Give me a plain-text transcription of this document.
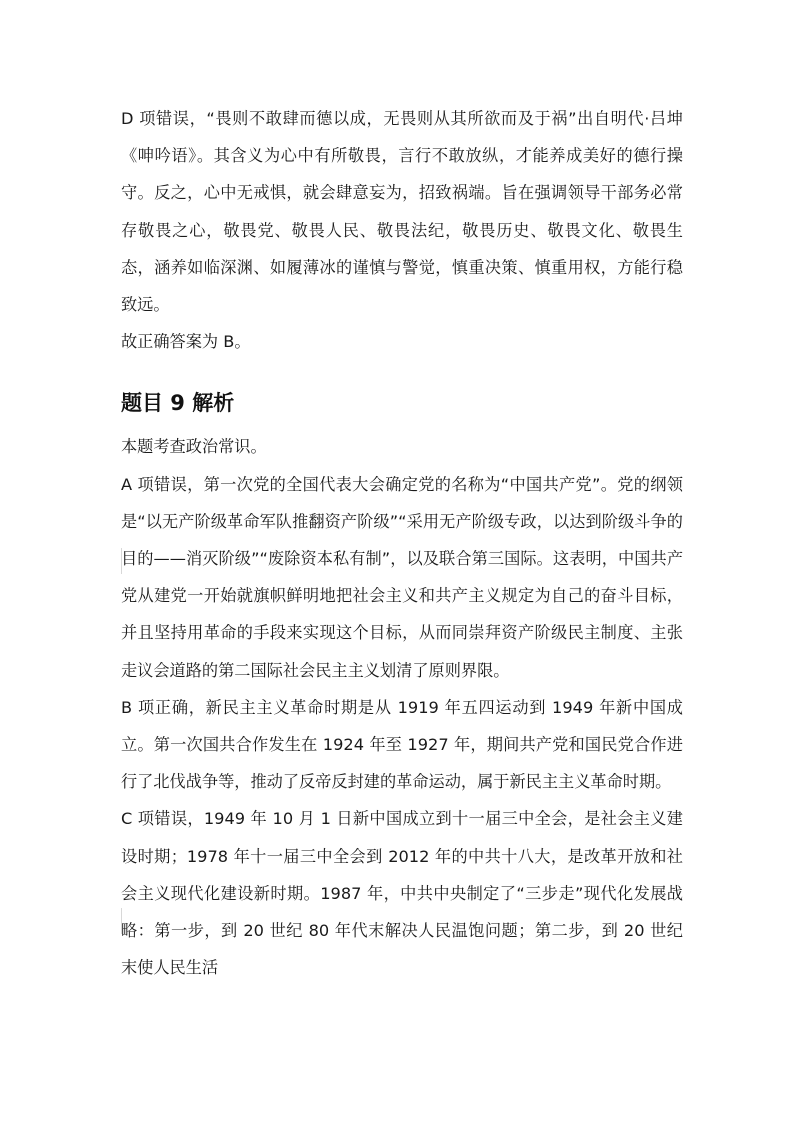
D 项错误，“畏则不敢肆而德以成，无畏则从其所欲而及于祸”出自明代·吕坤《呻吟语》。其含义为心中有所敬畏，言行不敢放纵，才能养成美好的德行操守。反之，心中无戒惧，就会肆意妄为，招致祸端。旨在强调领导干部务必常存敬畏之心，敬畏党、敬畏人民、敬畏法纪，敬畏历史、敬畏文化、敬畏生态，涵养如临深渊、如履薄冰的谨慎与警觉，慎重决策、慎重用权，方能行稳致远。

故正确答案为 B。

题目 9 解析

本题考查政治常识。

A 项错误，第一次党的全国代表大会确定党的名称为“中国共产党”。党的纲领是“以无产阶级革命军队推翻资产阶级”“采用无产阶级专政，以达到阶级斗争的目的——消灭阶级”“废除资本私有制”，以及联合第三国际。这表明，中国共产党从建党一开始就旗帜鲜明地把社会主义和共产主义规定为自己的奋斗目标，并且坚持用革命的手段来实现这个目标，从而同崇拜资产阶级民主制度、主张走议会道路的第二国际社会民主主义划清了原则界限。

B 项正确，新民主主义革命时期是从 1919 年五四运动到 1949 年新中国成立。第一次国共合作发生在 1924 年至 1927 年，期间共产党和国民党合作进行了北伐战争等，推动了反帝反封建的革命运动，属于新民主主义革命时期。

C 项错误，1949 年 10 月 1 日新中国成立到十一届三中全会，是社会主义建设时期；1978 年十一届三中全会到 2012 年的中共十八大，是改革开放和社会主义现代化建设新时期。1987 年，中共中央制定了“三步走”现代化发展战略：第一步，到 20 世纪 80 年代末解决人民温饱问题；第二步，到 20 世纪末使人民生活
